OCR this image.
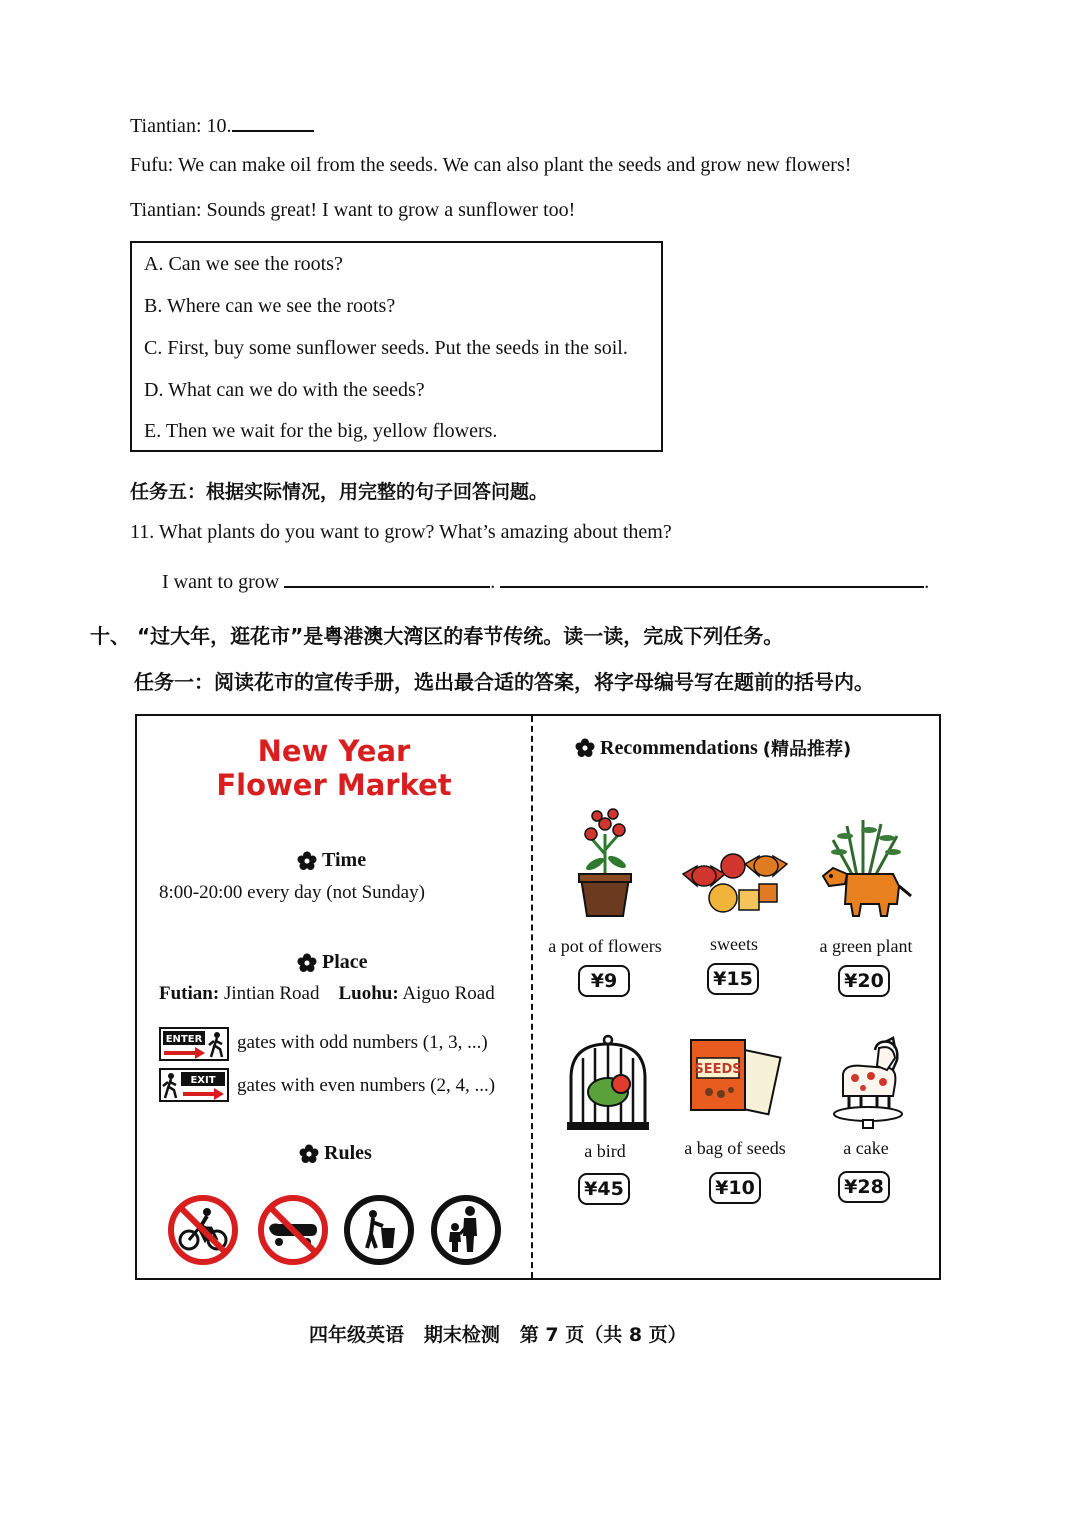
Tiantian: 10.
Fufu: We can make oil from the seeds. We can also plant the seeds and grow new flowers!
Tiantian: Sounds great! I want to grow a sunflower too!
A. Can we see the roots?
B. Where can we see the roots?
C. First, buy some sunflower seeds. Put the seeds in the soil.
D. What can we do with the seeds?
E. Then we wait for the big, yellow flowers.
任务五：根据实际情况，用完整的句子回答问题。
11. What plants do you want to grow? What’s amazing about them?
I want to grow	.	.
十、 “过大年，逛花市”是粤港澳大湾区的春节传统。读一读，完成下列任务。
任务一：阅读花市的宣传手册，选出最合适的答案，将字母编号写在题前的括号内。
New Year
Flower Market
Time
8:00-20:00 every day (not Sunday)
Place
Futian: Jintian Road Luohu: Aiguo Road
ENTER gates with odd numbers (1, 3, ...)
EXIT gates with even numbers (2, 4, ...)
Rules
Recommendations (精品推荐)
a pot of flowers
¥9
sweets
¥15
a green plant
¥20
a bird
¥45
SEEDS
a bag of seeds
¥10
a cake
¥28
四年级英语 期末检测 第 7 页（共 8 页）
